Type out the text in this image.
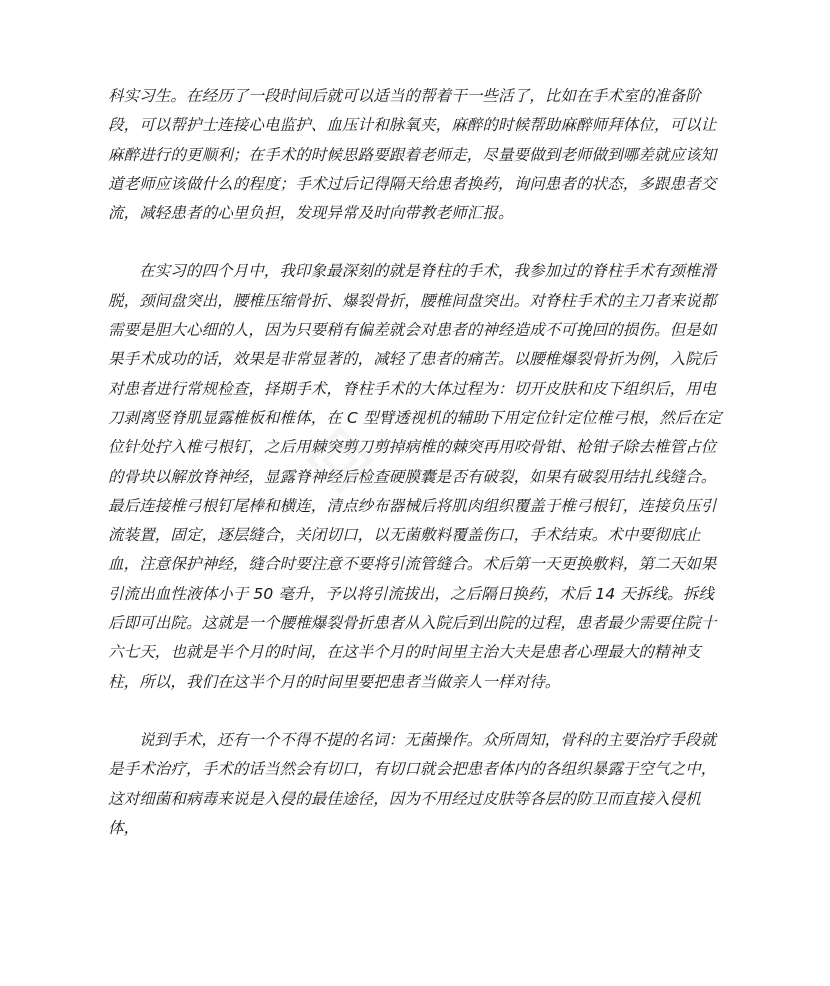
科实习生。在经历了一段时间后就可以适当的帮着干一些活了，比如在手术室的准备阶段，可以帮护士连接心电监护、血压计和脉氧夹，麻醉的时候帮助麻醉师拜体位，可以让麻醉进行的更顺利；在手术的时候思路要跟着老师走，尽量要做到老师做到哪差就应该知道老师应该做什么的程度；手术过后记得隔天给患者换药，询问患者的状态，多跟患者交流，减轻患者的心里负担，发现异常及时向带教老师汇报。

在实习的四个月中，我印象最深刻的就是脊柱的手术，我参加过的脊柱手术有颈椎滑脱，颈间盘突出，腰椎压缩骨折、爆裂骨折，腰椎间盘突出。对脊柱手术的主刀者来说都需要是胆大心细的人，因为只要稍有偏差就会对患者的神经造成不可挽回的损伤。但是如果手术成功的话，效果是非常显著的，减轻了患者的痛苦。以腰椎爆裂骨折为例，入院后对患者进行常规检查，择期手术，脊柱手术的大体过程为：切开皮肤和皮下组织后，用电刀剥离竖脊肌显露椎板和椎体，在 C 型臂透视机的辅助下用定位针定位椎弓根，然后在定位针处拧入椎弓根钉，之后用棘突剪刀剪掉病椎的棘突再用咬骨钳、枪钳子除去椎管占位的骨块以解放脊神经，显露脊神经后检查硬膜囊是否有破裂，如果有破裂用结扎线缝合。最后连接椎弓根钉尾棒和横连，清点纱布器械后将肌肉组织覆盖于椎弓根钉，连接负压引流装置，固定，逐层缝合，关闭切口，以无菌敷料覆盖伤口，手术结束。术中要彻底止血，注意保护神经，缝合时要注意不要将引流管缝合。术后第一天更换敷料，第二天如果引流出血性液体小于 50 毫升，予以将引流拔出，之后隔日换药，术后 14 天拆线。拆线后即可出院。这就是一个腰椎爆裂骨折患者从入院后到出院的过程，患者最少需要住院十六七天，也就是半个月的时间，在这半个月的时间里主治大夫是患者心理最大的精神支柱，所以，我们在这半个月的时间里要把患者当做亲人一样对待。

说到手术，还有一个不得不提的名词：无菌操作。众所周知，骨科的主要治疗手段就是手术治疗，手术的话当然会有切口，有切口就会把患者体内的各组织暴露于空气之中，这对细菌和病毒来说是入侵的最佳途径，因为不用经过皮肤等各层的防卫而直接入侵机体，
